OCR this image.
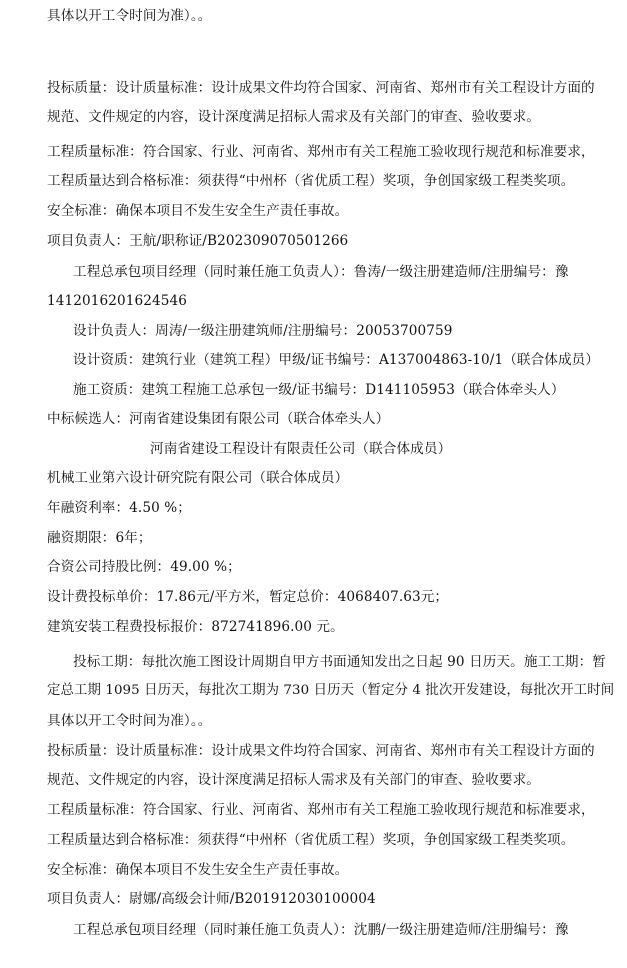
具体以开工令时间为准）。。
投标质量：设计质量标准：设计成果文件均符合国家、河南省、郑州市有关工程设计方面的
规范、文件规定的内容，设计深度满足招标人需求及有关部门的审查、验收要求。
工程质量标准：符合国家、行业、河南省、郑州市有关工程施工验收现行规范和标准要求，
工程质量达到合格标准：须获得“中州杯（省优质工程）奖项，争创国家级工程类奖项。
安全标准：确保本项目不发生安全生产责任事故。
项目负责人：王航/职称证/B202309070501266
工程总承包项目经理（同时兼任施工负责人）：鲁涛/一级注册建造师/注册编号：豫
1412016201624546
设计负责人：周涛/一级注册建筑师/注册编号：20053700759
设计资质：建筑行业（建筑工程）甲级/证书编号：A137004863-10/1（联合体成员）
施工资质：建筑工程施工总承包一级/证书编号：D141105953（联合体牵头人）
中标候选人：河南省建设集团有限公司（联合体牵头人）
河南省建设工程设计有限责任公司（联合体成员）
机械工业第六设计研究院有限公司（联合体成员）
年融资利率：4.50 %；
融资期限：6年；
合资公司持股比例：49.00 %；
设计费投标单价：17.86元/平方米，暂定总价：4068407.63元；
建筑安装工程费投标报价：872741896.00 元。
投标工期：每批次施工图设计周期自甲方书面通知发出之日起 90 日历天。施工工期：暂
定总工期 1095 日历天，每批次工期为 730 日历天（暂定分 4 批次开发建设，每批次开工时间
具体以开工令时间为准）。。
投标质量：设计质量标准：设计成果文件均符合国家、河南省、郑州市有关工程设计方面的
规范、文件规定的内容，设计深度满足招标人需求及有关部门的审查、验收要求。
工程质量标准：符合国家、行业、河南省、郑州市有关工程施工验收现行规范和标准要求，
工程质量达到合格标准：须获得“中州杯（省优质工程）奖项，争创国家级工程类奖项。
安全标准：确保本项目不发生安全生产责任事故。
项目负责人：尉娜/高级会计师/B201912030100004
工程总承包项目经理（同时兼任施工负责人）：沈鹏/一级注册建造师/注册编号：豫
